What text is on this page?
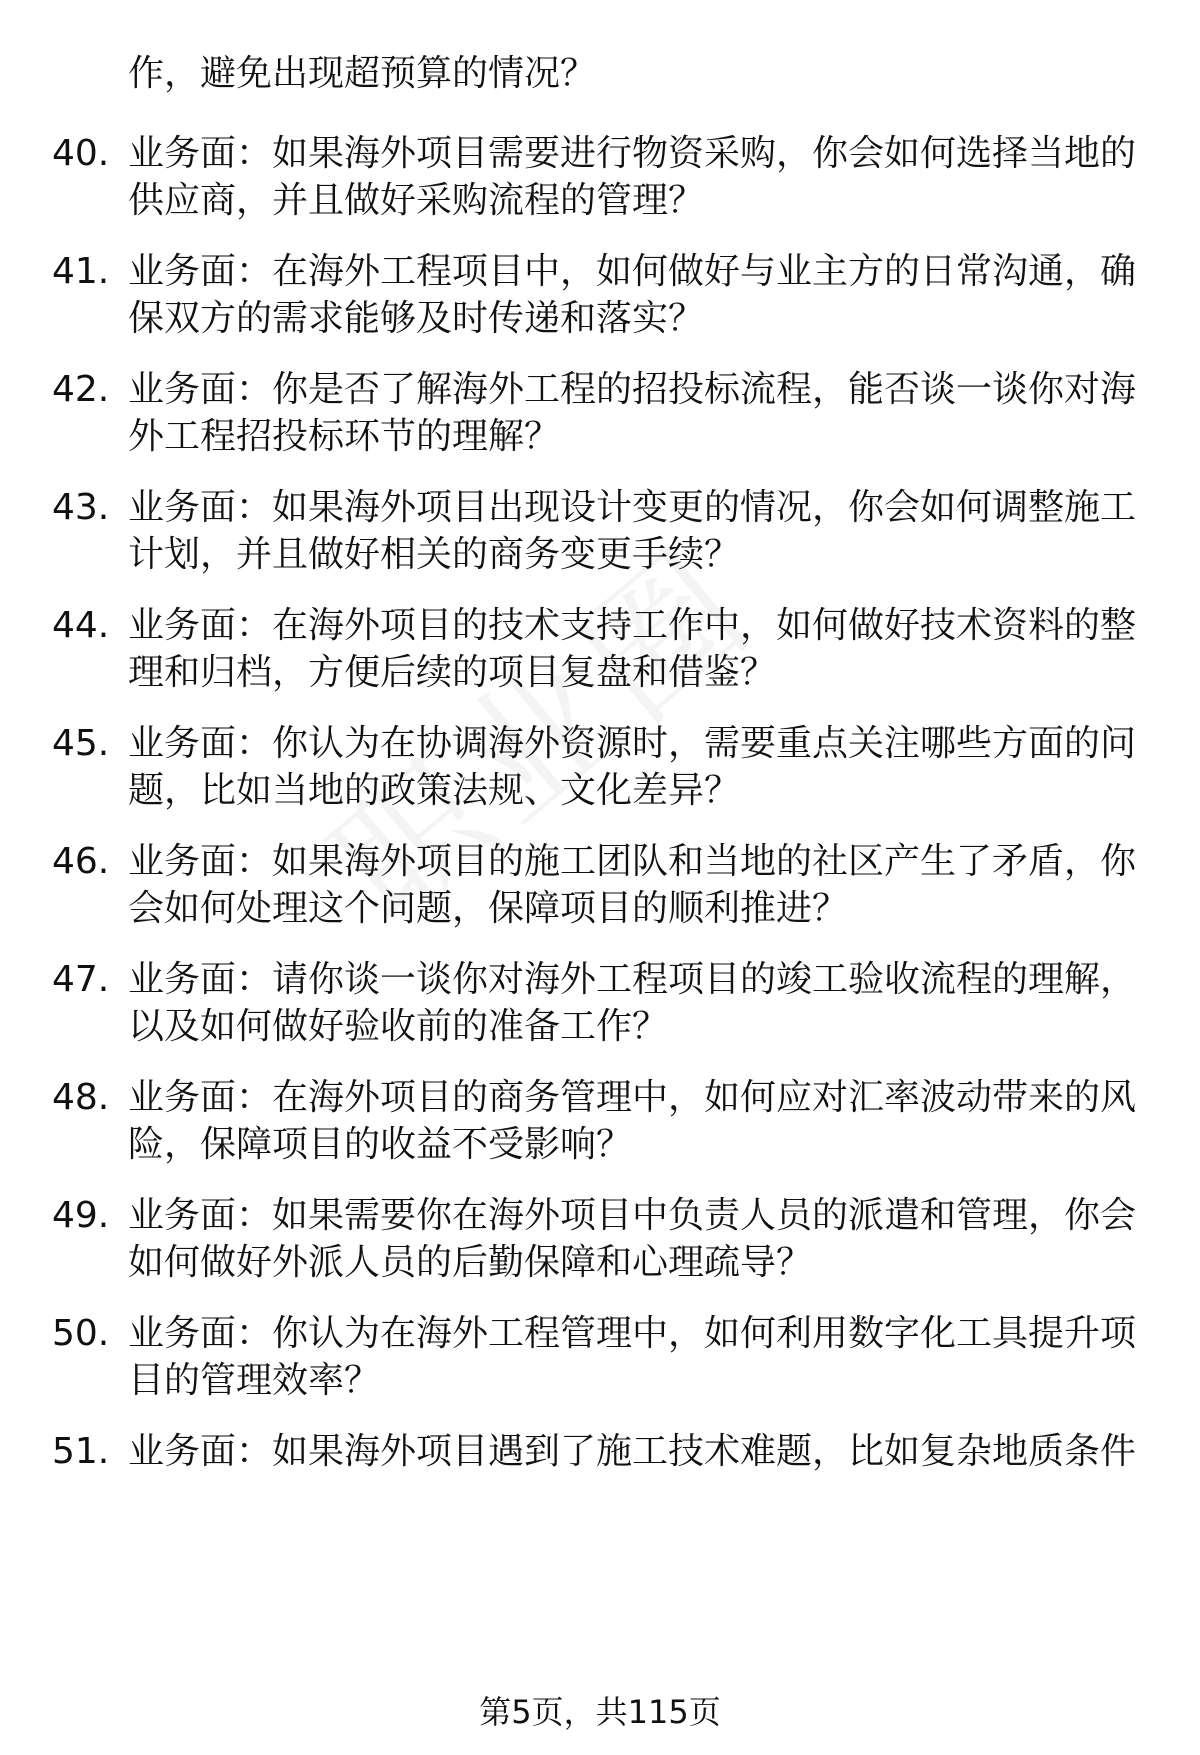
作，避免出现超预算的情况？
40. 业务面：如果海外项目需要进行物资采购，你会如何选择当地的
供应商，并且做好采购流程的管理？
41. 业务面：在海外工程项目中，如何做好与业主方的日常沟通，确
保双方的需求能够及时传递和落实？
42. 业务面：你是否了解海外工程的招投标流程，能否谈一谈你对海
外工程招投标环节的理解？
43. 业务面：如果海外项目出现设计变更的情况，你会如何调整施工
计划，并且做好相关的商务变更手续？
44. 业务面：在海外项目的技术支持工作中，如何做好技术资料的整
理和归档，方便后续的项目复盘和借鉴？
45. 业务面：你认为在协调海外资源时，需要重点关注哪些方面的问
题，比如当地的政策法规、文化差异？
46. 业务面：如果海外项目的施工团队和当地的社区产生了矛盾，你
会如何处理这个问题，保障项目的顺利推进？
47. 业务面：请你谈一谈你对海外工程项目的竣工验收流程的理解，
以及如何做好验收前的准备工作？
48. 业务面：在海外项目的商务管理中，如何应对汇率波动带来的风
险，保障项目的收益不受影响？
49. 业务面：如果需要你在海外项目中负责人员的派遣和管理，你会
如何做好外派人员的后勤保障和心理疏导？
50. 业务面：你认为在海外工程管理中，如何利用数字化工具提升项
目的管理效率？
51. 业务面：如果海外项目遇到了施工技术难题，比如复杂地质条件
第5页，共115页
